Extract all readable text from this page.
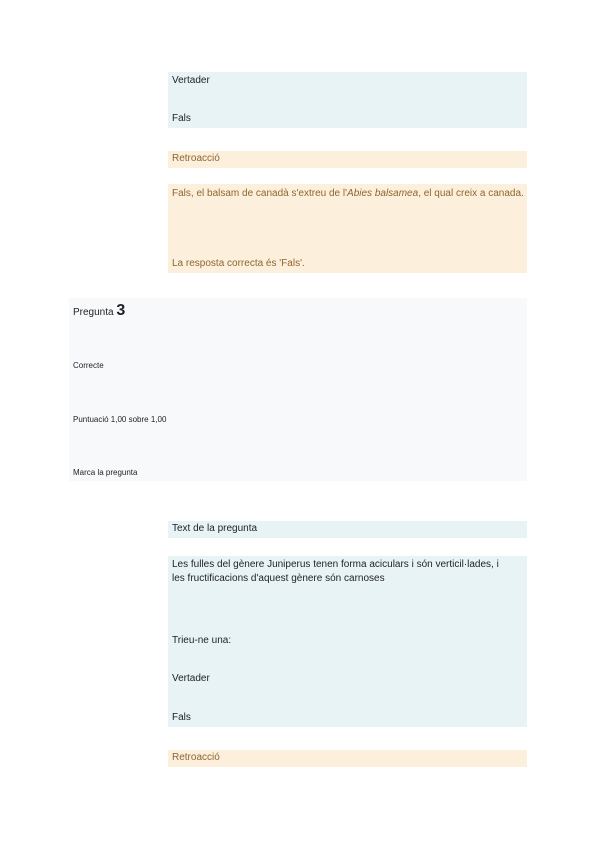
Vertader
Fals
Retroacció
Fals, el balsam de canadà s'extreu de l'Abies balsamea, el qual creix a canada.
La resposta correcta és 'Fals'.
Pregunta 3
Correcte
Puntuació 1,00 sobre 1,00
Marca la pregunta
Text de la pregunta
Les fulles del gènere Juniperus tenen forma aciculars i són verticil·lades, i les fructificacions d'aquest gènere són carnoses
Trieu-ne una:
Vertader
Fals
Retroacció
